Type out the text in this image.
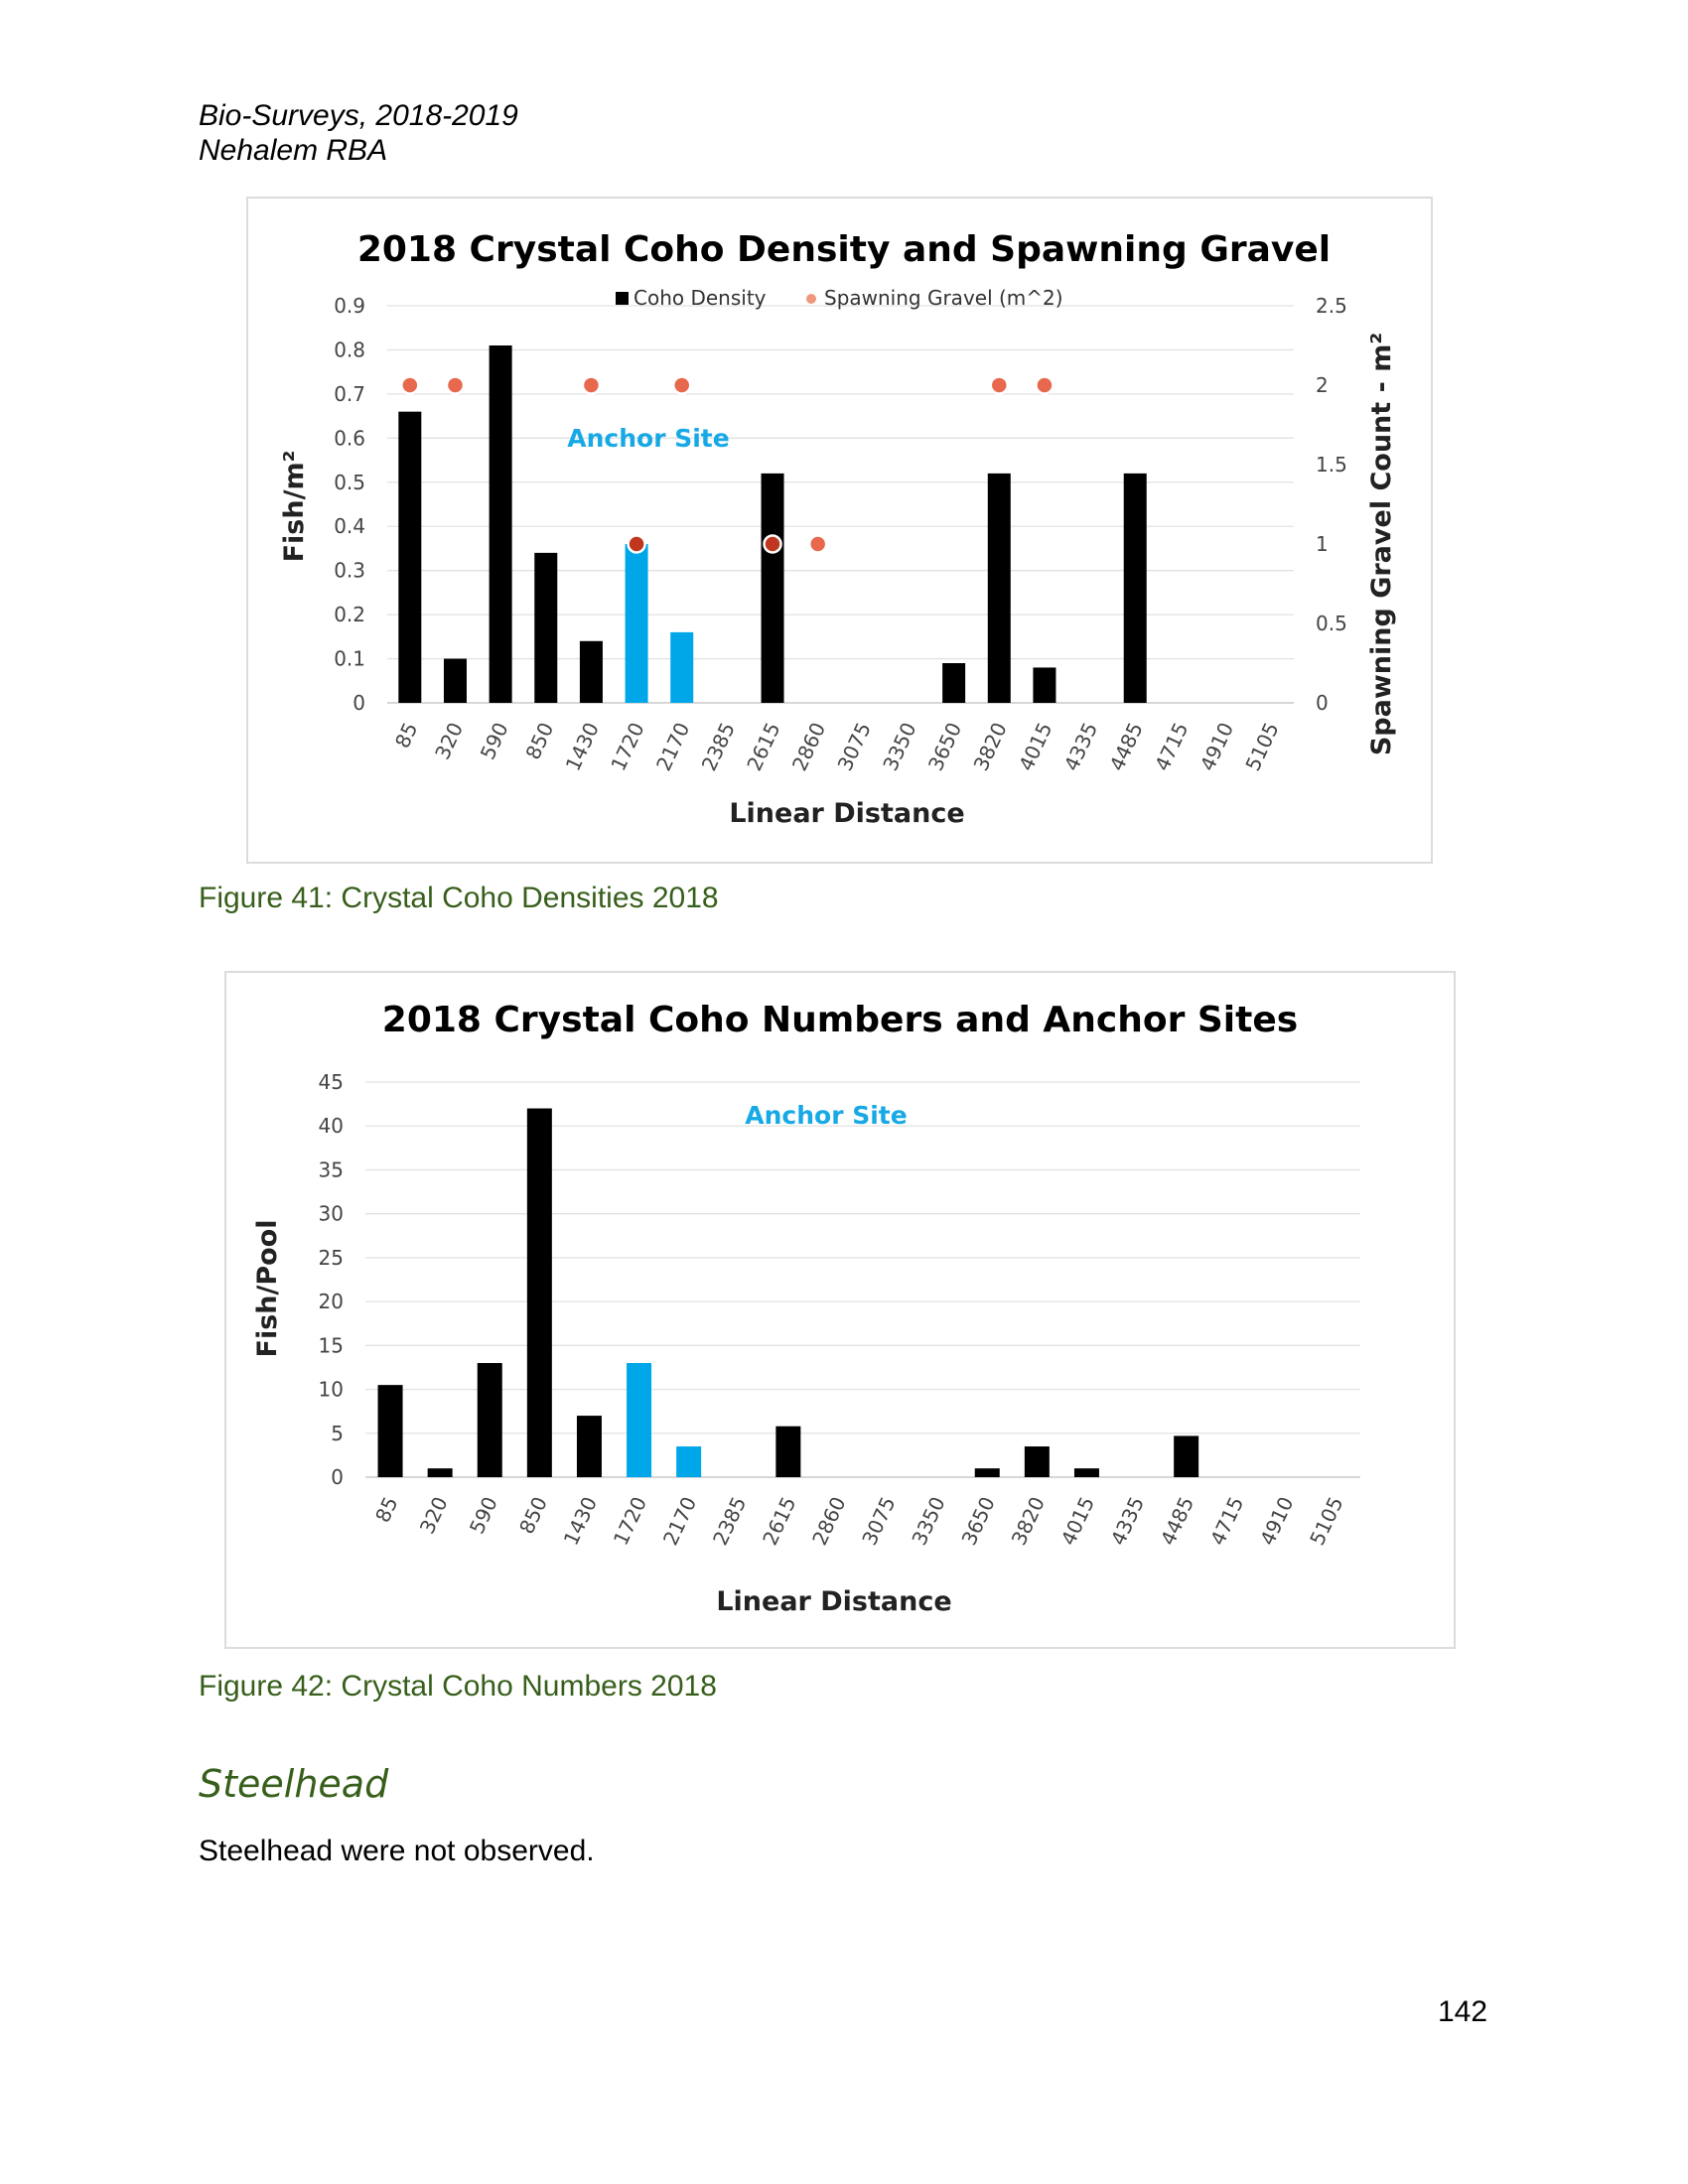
Bio-Surveys, 2018-2019
Nehalem RBA
0
0.1
0.2
0.3
0.4
0.5
0.6
0.7
0.8
0.9
0
0.5
1
1.5
2
2.5
85 320 590 850 1430 1720 2170 2385 2615 2860 3075 3350 3650 3820 4015 4335 4485 4715 4910 5105
2018 Crystal Coho Density and Spawning Gravel
Coho Density	Spawning Gravel (m^2)
Anchor Site
Linear Distance
Fish/m²	Spawning Gravel Count - m²
Figure 41: Crystal Coho Densities 2018
0
5
10
15
20
25
30
35
40
45
85 320 590 850 1430 1720 2170 2385 2615 2860 3075 3350 3650 3820 4015 4335 4485 4715 4910 5105
2018 Crystal Coho Numbers and Anchor Sites
Anchor Site
Linear Distance
Fish/Pool
Figure 42: Crystal Coho Numbers 2018
Steelhead
Steelhead were not observed.
142
